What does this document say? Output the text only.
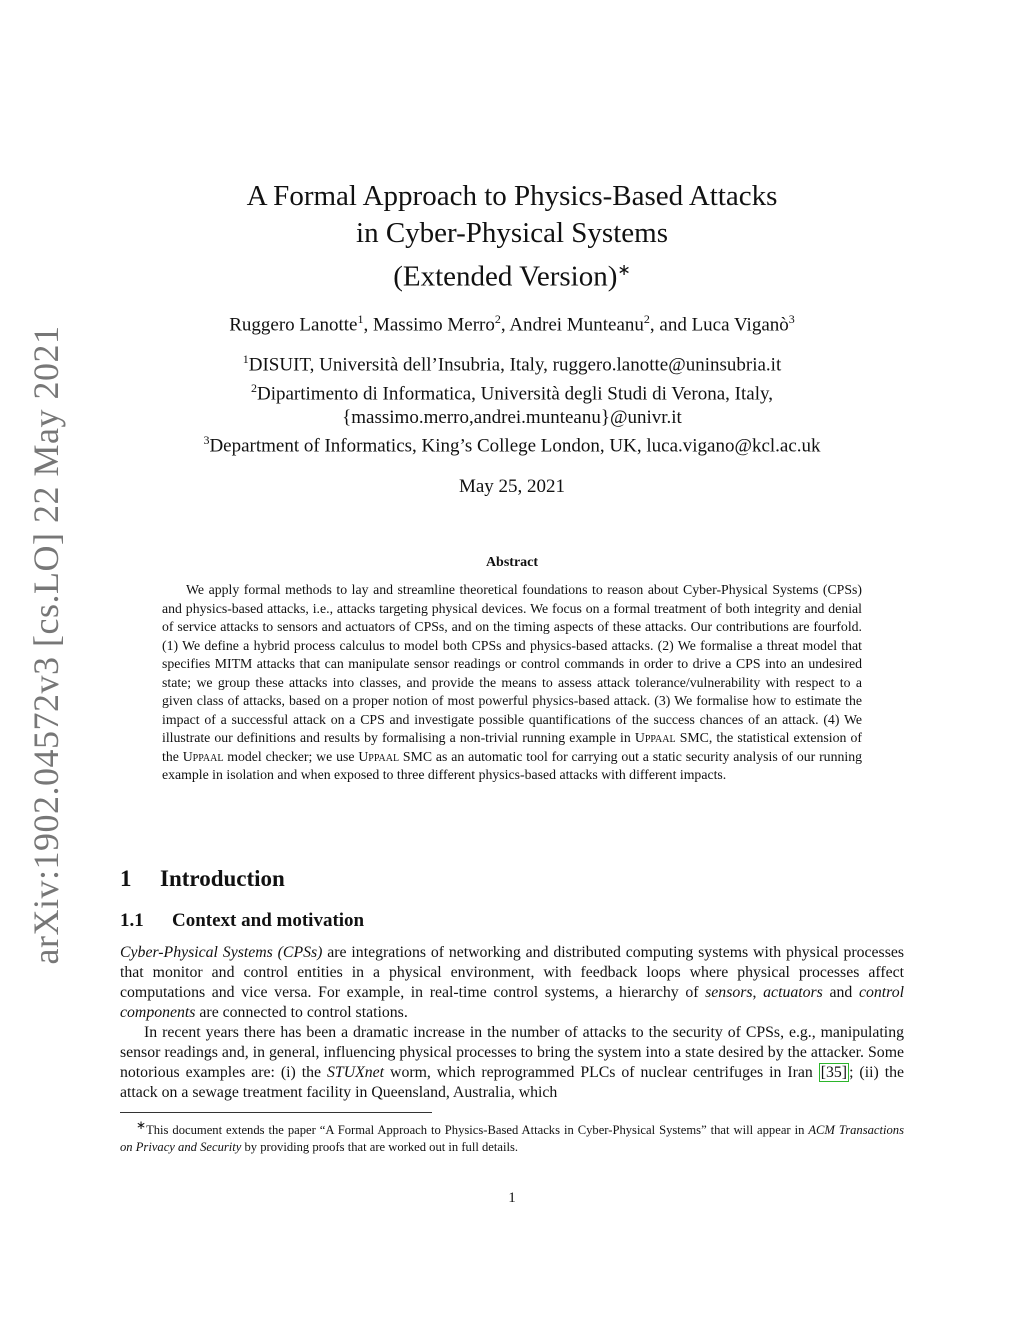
arXiv:1902.04572v3 [cs.LO] 22 May 2021
A Formal Approach to Physics-Based Attacks
in Cyber-Physical Systems
(Extended Version)∗
Ruggero Lanotte$^1$, Massimo Merro$^2$, Andrei Munteanu$^2$, and Luca Viganò$^3$
$^1$DISUIT, Università dell’Insubria, Italy, ruggero.lanotte@uninsubria.it
$^2$Dipartimento di Informatica, Università degli Studi di Verona, Italy,
{massimo.merro,andrei.munteanu}@univr.it
$^3$Department of Informatics, King’s College London, UK, luca.vigano@kcl.ac.uk
May 25, 2021
Abstract
We apply formal methods to lay and streamline theoretical foundations to reason about Cyber-Physical Systems (CPSs) and physics-based attacks, i.e., attacks targeting physical devices. We focus on a formal treatment of both integrity and denial of service attacks to sensors and actuators of CPSs, and on the timing aspects of these attacks. Our contributions are fourfold. (1) We define a hybrid process calculus to model both CPSs and physics-based attacks. (2) We formalise a threat model that specifies MITM attacks that can manipulate sensor readings or control commands in order to drive a CPS into an undesired state; we group these attacks into classes, and provide the means to assess attack tolerance/vulnerability with respect to a given class of attacks, based on a proper notion of most powerful physics-based attack. (3) We formalise how to estimate the impact of a successful attack on a CPS and investigate possible quantifications of the success chances of an attack. (4) We illustrate our definitions and results by formalising a non-trivial running example in Uppaal SMC, the statistical extension of the Uppaal model checker; we use Uppaal SMC as an automatic tool for carrying out a static security analysis of our running example in isolation and when exposed to three different physics-based attacks with different impacts.
1 Introduction
1.1 Context and motivation

Cyber-Physical Systems (CPSs) are integrations of networking and distributed computing systems with physical processes that monitor and control entities in a physical environment, with feedback loops where physical processes affect computations and vice versa. For example, in real-time control systems, a hierarchy of sensors, actuators and control components are connected to control stations.

In recent years there has been a dramatic increase in the number of attacks to the security of CPSs, e.g., manipulating sensor readings and, in general, influencing physical processes to bring the system into a state desired by the attacker. Some notorious examples are: (i) the STUXnet worm, which reprogrammed PLCs of nuclear centrifuges in Iran [35] ; (ii) the attack on a sewage treatment facility in Queensland, Australia, which

∗This document extends the paper “A Formal Approach to Physics-Based Attacks in Cyber-Physical Systems” that will appear in ACM Transactions on Privacy and Security by providing proofs that are worked out in full details.
1
